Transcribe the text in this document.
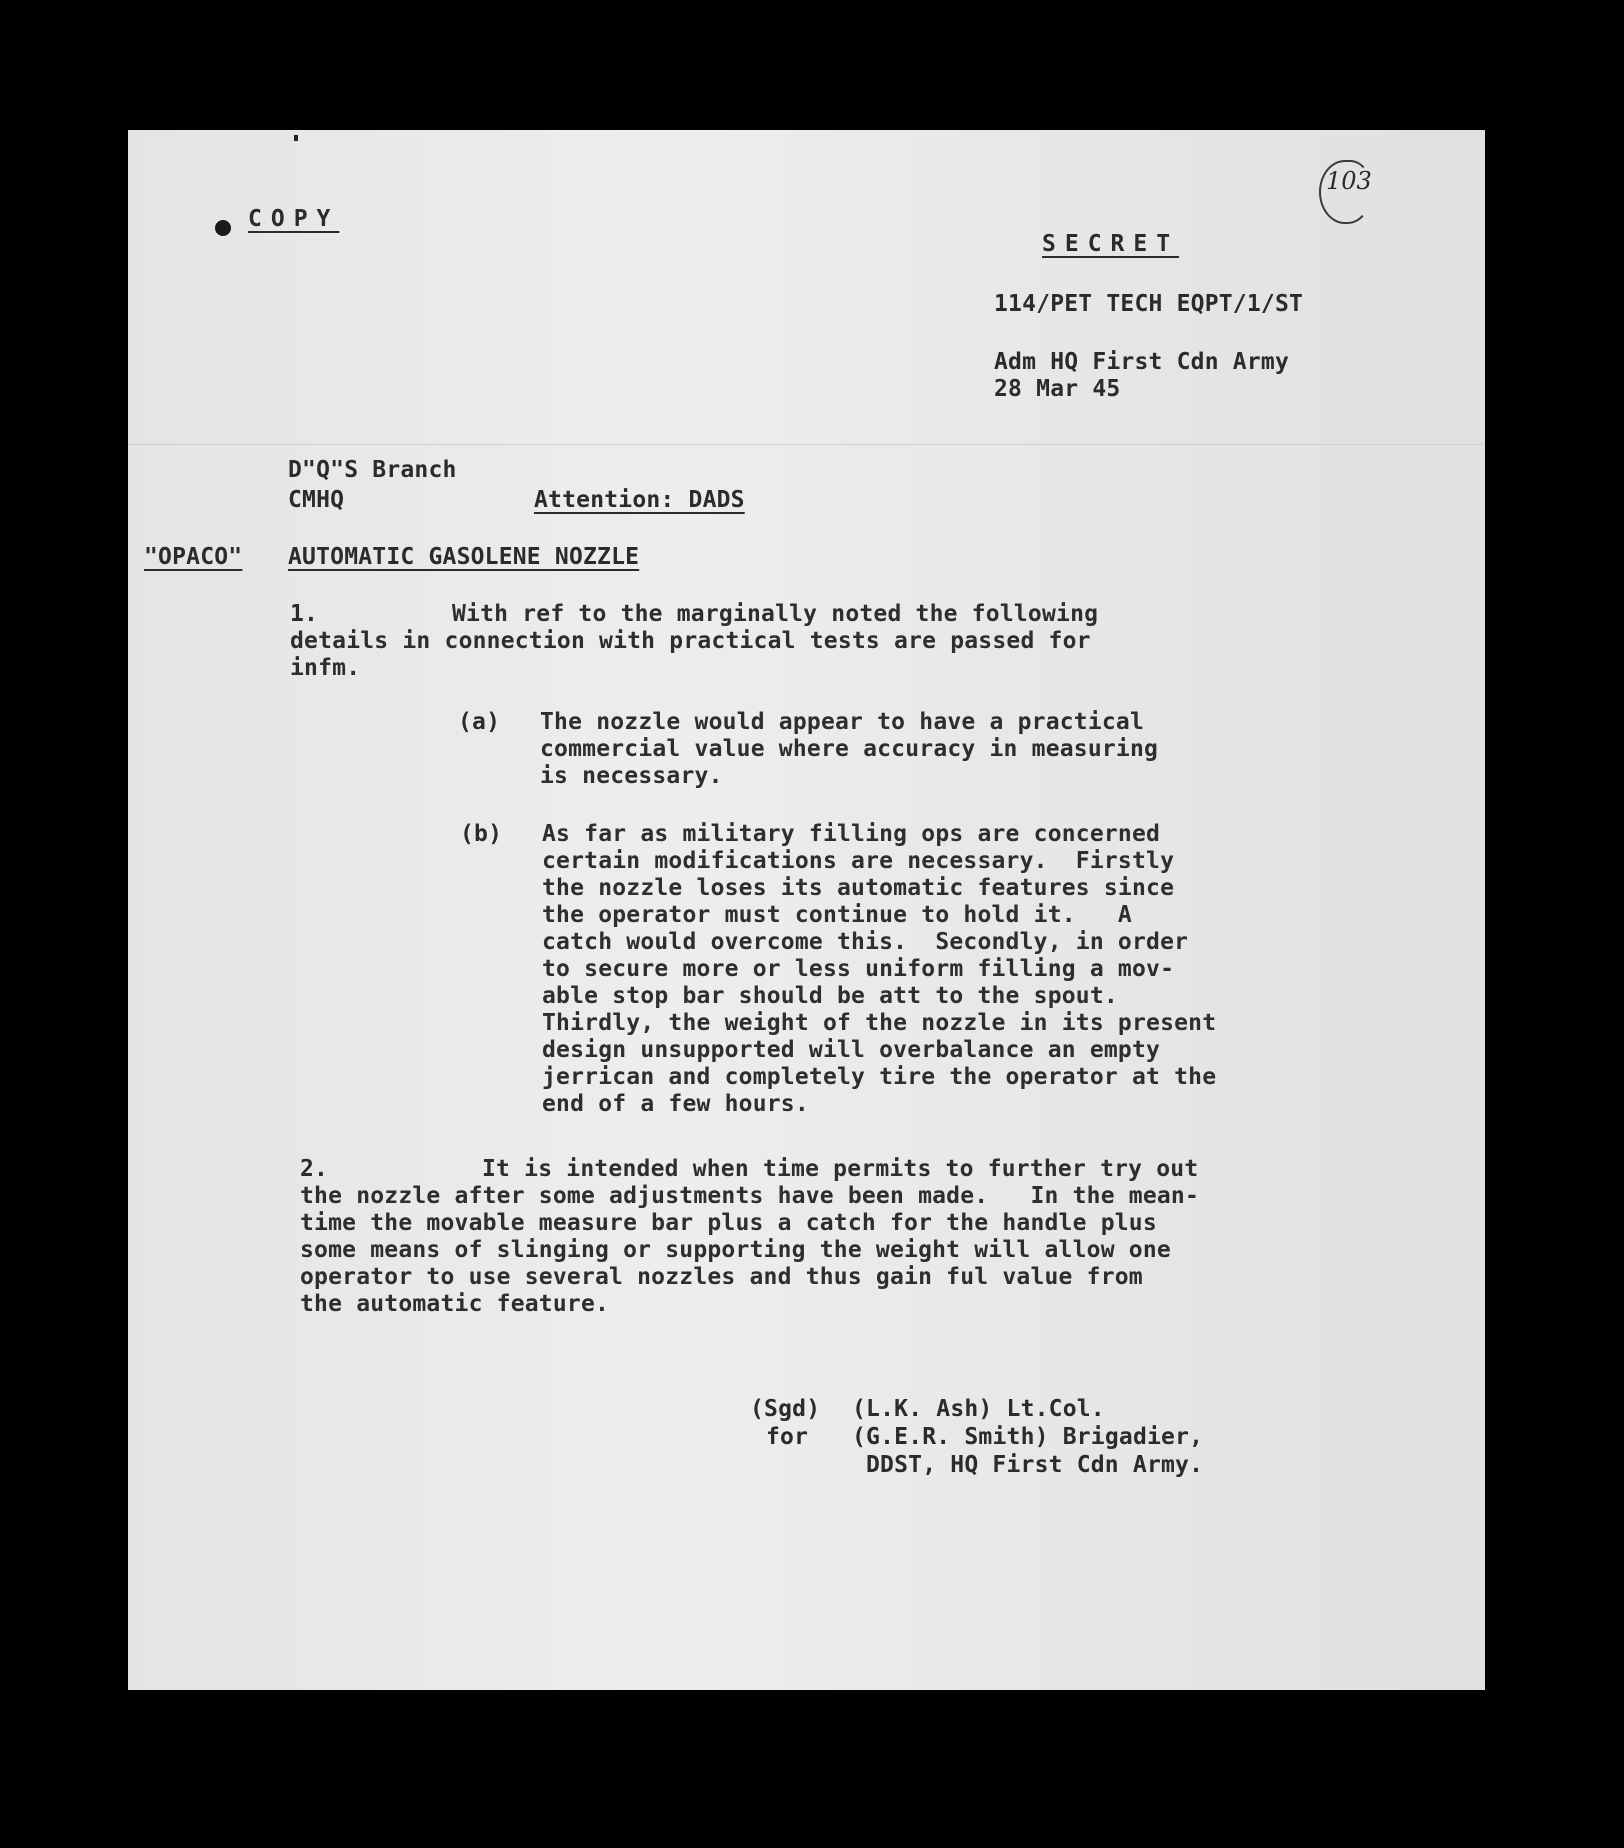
COPY

103

SECRET

114/PET TECH EQPT/1/ST

Adm HQ First Cdn Army

28 Mar 45

D"Q"S Branch

CMHQ	Attention: DADS

"OPACO" AUTOMATIC GASOLENE NOZZLE

1.	With ref to the marginally noted the following

details in connection with practical tests are passed for

infm.

(a) The nozzle would appear to have a practical

commercial value where accuracy in measuring

is necessary.

(b) As far as military filling ops are concerned

certain modifications are necessary.  Firstly

the nozzle loses its automatic features since

the operator must continue to hold it.   A

catch would overcome this.  Secondly, in order

to secure more or less uniform filling a mov-

able stop bar should be att to the spout.

Thirdly, the weight of the nozzle in its present

design unsupported will overbalance an empty

jerrican and completely tire the operator at the

end of a few hours.

2.	It is intended when time permits to further try out

the nozzle after some adjustments have been made.   In the mean-

time the movable measure bar plus a catch for the handle plus

some means of slinging or supporting the weight will allow one

operator to use several nozzles and thus gain ful value from

the automatic feature.

(Sgd) (L.K. Ash) Lt.Col.

for (G.E.R. Smith) Brigadier,

DDST, HQ First Cdn Army.
